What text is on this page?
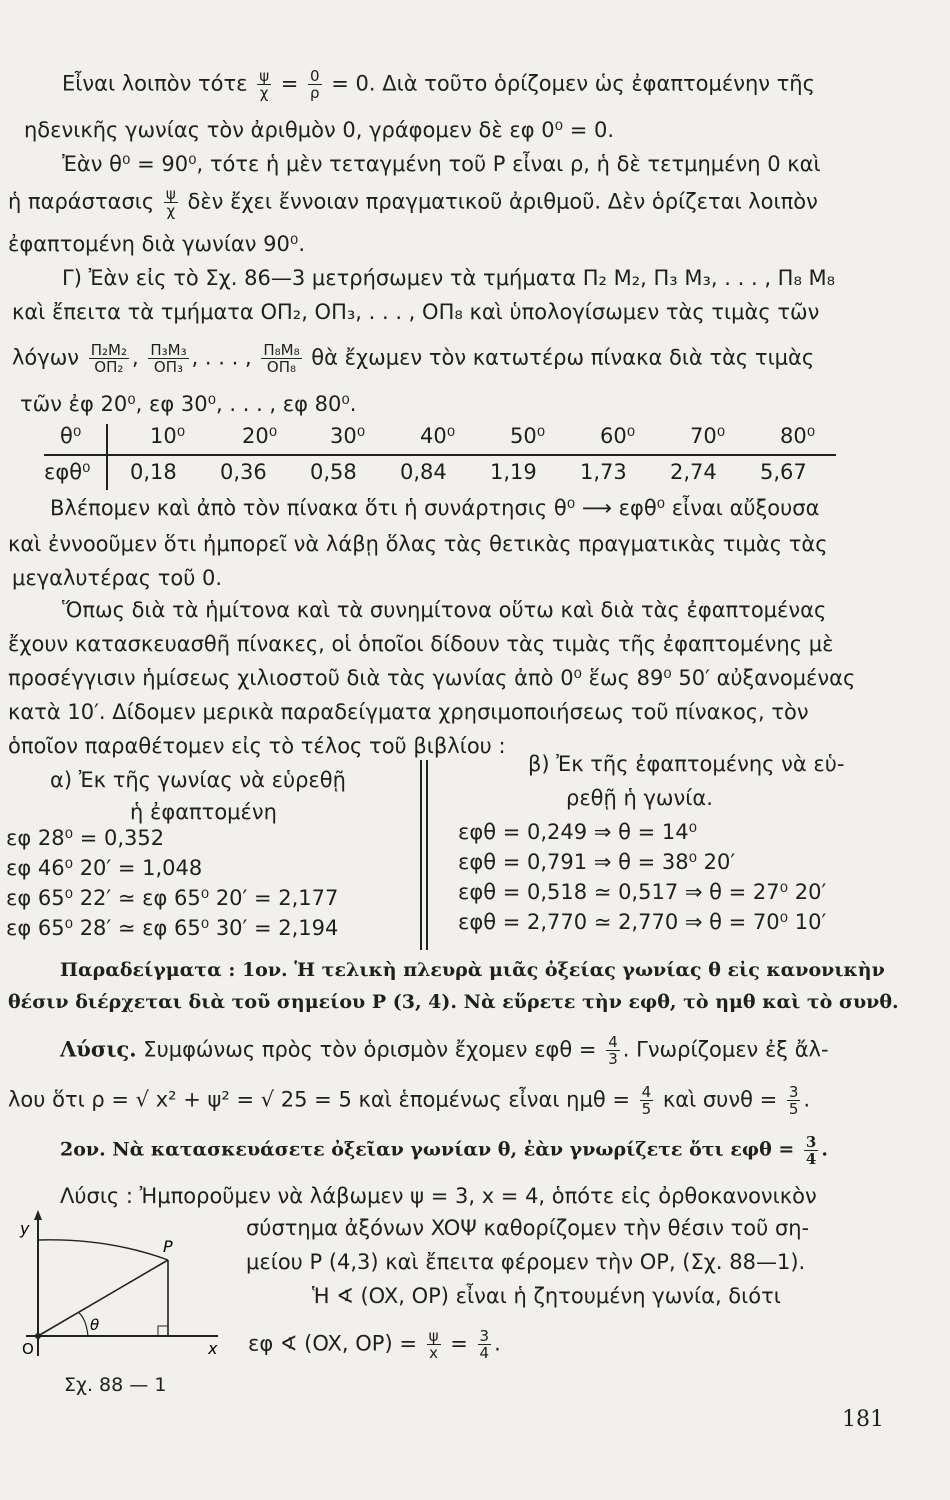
Εἶναι λοιπὸν τότε $\frac{\psi}{\chi} = \frac{0}{\rho} = 0$. Διὰ τοῦτο ὁρίζομεν ὡς ἐφαπτομένην τῆς
ηδενικῆς γωνίας τὸν ἀριθμὸν 0, γράφομεν δὲ εφ 0⁰ = 0.
Ἐὰν θ⁰ = 90⁰, τότε ἡ μὲν τεταγμένη τοῦ P εἶναι ρ, ἡ δὲ τετμημένη 0 καὶ
ἡ παράστασις $\frac{\psi}{\chi}$ δὲν ἔχει ἔννοιαν πραγματικοῦ ἀριθμοῦ. Δὲν ὁρίζεται λοιπὸν
ἐφαπτομένη διὰ γωνίαν 90⁰.
Γ) Ἐὰν εἰς τὸ Σχ. 86—3 μετρήσωμεν τὰ τμήματα Π₂ M₂, Π₃ M₃, . . . , Π₈ M₈
καὶ ἔπειτα τὰ τμήματα OΠ₂, OΠ₃, . . . , OΠ₈ καὶ ὑπολογίσωμεν τὰς τιμὰς τῶν
λόγων $\frac{\text{Π₂M₂}}{\text{OΠ₂}}$ , $\frac{\text{Π₃M₃}}{\text{OΠ₃}}$ , . . . , $\frac{\text{Π₈M₈}}{\text{OΠ₈}}$ θὰ ἔχωμεν τὸν κατωτέρω πίνακα διὰ τὰς τιμὰς
τῶν ἐφ 20⁰, εφ 30⁰, . . . , εφ 80⁰.
θ⁰	10⁰	20⁰	30⁰	40⁰	50⁰	60⁰	70⁰	80⁰
εφθ⁰ 0,18 0,36 0,58 0,84 1,19 1,73 2,74 5,67
Βλέπομεν καὶ ἀπὸ τὸν πίνακα ὅτι ἡ συνάρτησις θ⁰ ⟶ εφθ⁰ εἶναι αὔξουσα
καὶ ἐννοοῦμεν ὅτι ἠμπορεῖ νὰ λάβῃ ὅλας τὰς θετικὰς πραγματικὰς τιμὰς τὰς
μεγαλυτέρας τοῦ 0.
Ὅπως διὰ τὰ ἡμίτονα καὶ τὰ συνημίτονα οὕτω καὶ διὰ τὰς ἐφαπτομένας
ἔχουν κατασκευασθῆ πίνακες, οἱ ὁποῖοι δίδουν τὰς τιμὰς τῆς ἐφαπτομένης μὲ
προσέγγισιν ἡμίσεως χιλιοστοῦ διὰ τὰς γωνίας ἀπὸ 0⁰ ἕως 89⁰ 50′ αὐξανομένας
κατὰ 10′. Δίδομεν μερικὰ παραδείγματα χρησιμοποιήσεως τοῦ πίνακος, τὸν
ὁποῖον παραθέτομεν εἰς τὸ τέλος τοῦ βιβλίου :
α) Ἐκ τῆς γωνίας νὰ εὑρεθῇ
ἡ ἐφαπτομένη
εφ 28⁰ = 0,352
εφ 46⁰ 20′ = 1,048
εφ 65⁰ 22′ ≃ εφ 65⁰ 20′ = 2,177
εφ 65⁰ 28′ ≃ εφ 65⁰ 30′ = 2,194
β) Ἐκ τῆς ἐφαπτομένης νὰ εὑ-
ρεθῇ ἡ γωνία.
εφθ = 0,249 ⇒ θ = 14⁰
εφθ = 0,791 ⇒ θ = 38⁰ 20′
εφθ = 0,518 ≃ 0,517 ⇒ θ = 27⁰ 20′
εφθ = 2,770 ≃ 2,770 ⇒ θ = 70⁰ 10′
Παραδείγματα : 1ον. Ἡ τελικὴ πλευρὰ μιᾶς ὀξείας γωνίας θ εἰς κανονικὴν
θέσιν διέρχεται διὰ τοῦ σημείου P (3, 4). Νὰ εὕρετε τὴν εφθ, τὸ ημθ καὶ τὸ συνθ.
Λύσις. Συμφώνως πρὸς τὸν ὁρισμὸν ἔχομεν $\varepsilon\varphi\theta = \frac{4}{3}$ . Γνωρίζομεν ἐξ ἄλ-
λου ὅτι ρ = √ x² + ψ² = √ 25 = 5 καὶ ἑπομένως εἶναι $\eta\mu\theta = \frac{4}{5}$ καὶ $\sigma\upsilon\nu\theta = \frac{3}{5}$ .
2ον. Νὰ κατασκευάσετε ὀξεῖαν γωνίαν θ, ἐὰν γνωρίζετε ὅτι $\varepsilon\varphi\theta = \frac{3}{4}$ .
Λύσις : Ἠμποροῦμεν νὰ λάβωμεν ψ = 3, x = 4, ὁπότε εἰς ὀρθοκανονικὸν
σύστημα ἀξόνων XOΨ καθορίζομεν τὴν θέσιν τοῦ ση-
μείου P (4,3) καὶ ἔπειτα φέρομεν τὴν OP, (Σχ. 88—1).
Ἡ ∢ (OX, OP) εἶναι ἡ ζητουμένη γωνία, διότι
εφ ∢ (OX, $OP) = \frac{\psi}{x} = \frac{3}{4}$ .
y
P
x
O
θ
Σχ. 88 — 1
181
